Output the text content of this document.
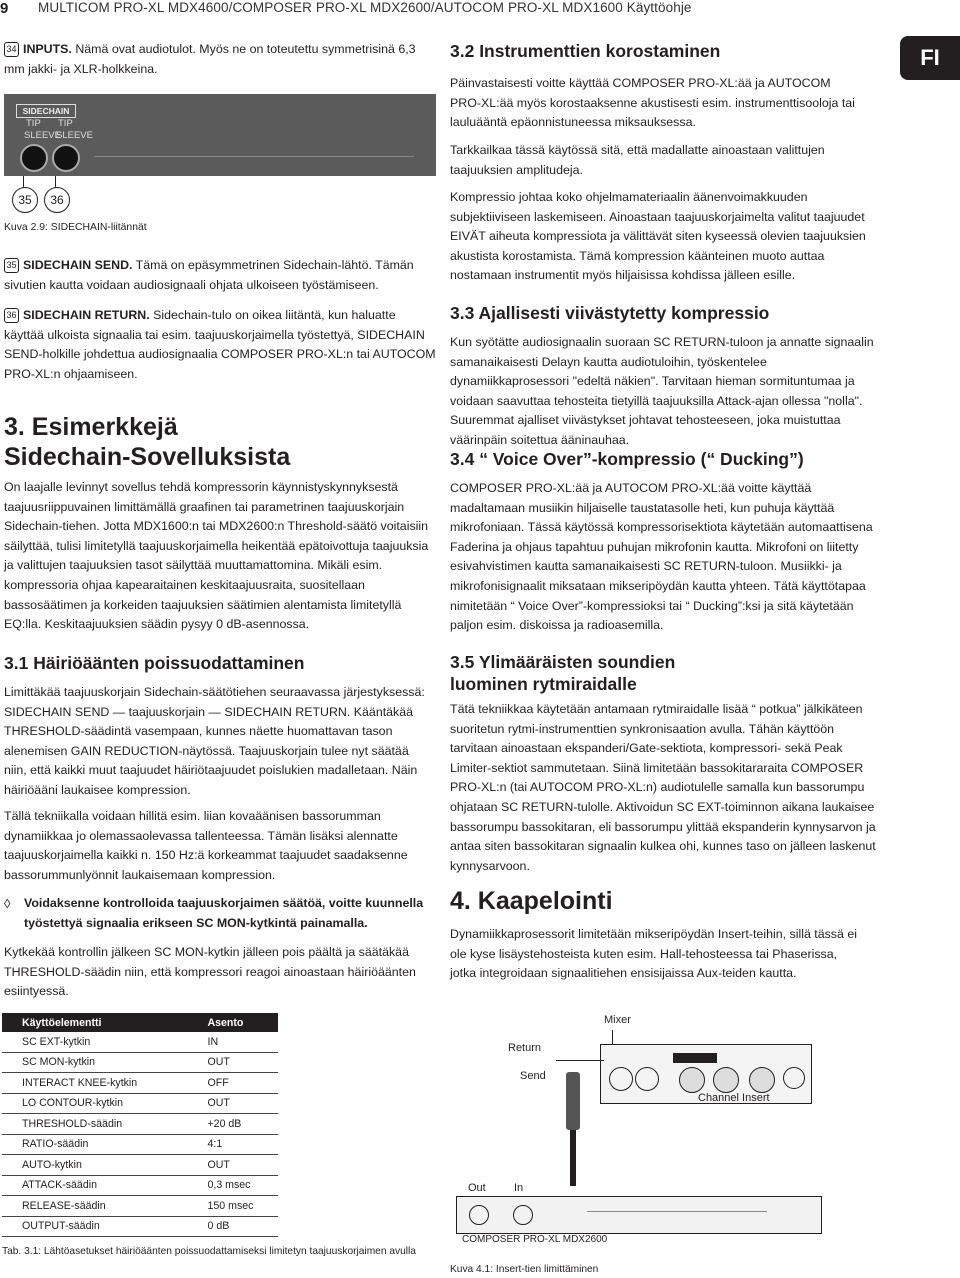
9 MULTICOM PRO-XL MDX4600/COMPOSER PRO-XL MDX2600/AUTOCOM PRO-XL MDX1600 Käyttöohje
FI
34 INPUTS. Nämä ovat audiotulot. Myös ne on toteutettu symmetrisinä 6,3 mm jakki- ja XLR-holkkeina.
SIDECHAIN
TIP TIP
SLEEVE
SLEEVE
35	36
Kuva 2.9: SIDECHAIN-liitännät
35 SIDECHAIN SEND. Tämä on epäsymmetrinen Sidechain-lähtö. Tämän sivutien kautta voidaan audiosignaali ohjata ulkoiseen työstämiseen.
36 SIDECHAIN RETURN. Sidechain-tulo on oikea liitäntä, kun haluatte käyttää ulkoista signaalia tai esim. taajuuskorjaimella työstettyä, SIDECHAIN SEND-holkille johdettua audiosignaalia COMPOSER PRO-XL:n tai AUTOCOM PRO-XL:n ohjaamiseen.
3. Esimerkkejä
Sidechain-Sovelluksista
On laajalle levinnyt sovellus tehdä kompressorin käynnistyskynnyksestä taajuusriippuvainen limittämällä graafinen tai parametrinen taajuuskorjain Sidechain-tiehen. Jotta MDX1600:n tai MDX2600:n Threshold-säätö voitaisiin säilyttää, tulisi limitetyllä taajuuskorjaimella heikentää epätoivottuja taajuuksia ja valittujen taajuuksien tasot säilyttää muuttamattomina. Mikäli esim. kompressoria ohjaa kapearaitainen keskitaajuusraita, suositellaan bassosäätimen ja korkeiden taajuuksien säätimien alentamista limitetyllä EQ:lla. Keskitaajuuksien säädin pysyy 0 dB-asennossa.
3.1 Häiriöäänten poissuodattaminen
Limittäkää taajuuskorjain Sidechain-säätötiehen seuraavassa järjestyksessä: SIDECHAIN SEND — taajuuskorjain — SIDECHAIN RETURN. Kääntäkää THRESHOLD-säädintä vasempaan, kunnes näette huomattavan tason alenemisen GAIN REDUCTION-näytössä. Taajuuskorjain tulee nyt säätää niin, että kaikki muut taajuudet häiriötaajuudet poislukien madalletaan. Näin häiriöääni laukaisee kompression.
Tällä tekniikalla voidaan hillitä esim. liian kovaäänisen bassorumman dynamiikkaa jo olemassaolevassa tallenteessa. Tämän lisäksi alennatte taajuuskorjaimella kaikki n. 150 Hz:ä korkeammat taajuudet saadaksenne bassorummunlyönnit laukaisemaan kompression.
◊ Voidaksenne kontrolloida taajuuskorjaimen säätöä, voitte kuunnella työstettyä signaalia erikseen SC MON-kytkintä painamalla.
Kytkekää kontrollin jälkeen SC MON-kytkin jälleen pois päältä ja säätäkää THRESHOLD-säädin niin, että kompressori reagoi ainoastaan häiriöäänten esiintyessä.
Käyttöelementti	Asento
SC EXT-kytkin	IN
SC MON-kytkin	OUT
INTERACT KNEE-kytkin	OFF
LO CONTOUR-kytkin	OUT
THRESHOLD-säädin	+20 dB
RATIO-säädin	4:1
AUTO-kytkin	OUT
ATTACK-säädin	0,3 msec
RELEASE-säädin	150 msec
OUTPUT-säädin	0 dB
Tab. 3.1: Lähtöasetukset häiriöäänten poissuodattamiseksi limitetyn taajuuskorjaimen avulla
3.2 Instrumenttien korostaminen
Päinvastaisesti voitte käyttää COMPOSER PRO-XL:ää ja AUTOCOM PRO-XL:ää myös korostaaksenne akustisesti esim. instrumenttisooloja tai lauluääntä epäonnistuneessa miksauksessa.
Tarkkailkaa tässä käytössä sitä, että madallatte ainoastaan valittujen taajuuksien amplitudeja.
Kompressio johtaa koko ohjelmamateriaalin äänenvoimakkuuden subjektiiviseen laskemiseen. Ainoastaan taajuuskorjaimelta valitut taajuudet EIVÄT aiheuta kompressiota ja välittävät siten kyseessä olevien taajuuksien akustista korostamista. Tämä kompression käänteinen muoto auttaa nostamaan instrumentit myös hiljaisissa kohdissa jälleen esille.
3.3 Ajallisesti viivästytetty kompressio
Kun syötätte audiosignaalin suoraan SC RETURN-tuloon ja annatte signaalin samanaikaisesti Delayn kautta audiotuloihin, työskentelee dynamiikkaprosessori "edeltä näkien". Tarvitaan hieman sormituntumaa ja voidaan saavuttaa tehosteita tietyillä taajuuksilla Attack-ajan ollessa "nolla". Suuremmat ajalliset viivästykset johtavat tehosteeseen, joka muistuttaa väärinpäin soitettua ääninauhaa.
3.4 “ Voice Over”-kompressio (“ Ducking”)
COMPOSER PRO-XL:ää ja AUTOCOM PRO-XL:ää voitte käyttää madaltamaan musiikin hiljaiselle taustatasolle heti, kun puhuja käyttää mikrofoniaan. Tässä käytössä kompressorisektiota käytetään automaattisena Faderina ja ohjaus tapahtuu puhujan mikrofonin kautta. Mikrofoni on liitetty esivahvistimen kautta samanaikaisesti SC RETURN-tuloon. Musiikki- ja mikrofonisignaalit miksataan mikseripöydän kautta yhteen. Tätä käyttötapaa nimitetään “ Voice Over”-kompressioksi tai “ Ducking”:ksi ja sitä käytetään paljon esim. diskoissa ja radioasemilla.
3.5 Ylimääräisten soundien
luominen rytmiraidalle
Tätä tekniikkaa käytetään antamaan rytmiraidalle lisää “ potkua” jälkikäteen suoritetun rytmi-instrumenttien synkronisaation avulla. Tähän käyttöön tarvitaan ainoastaan ekspanderi/Gate-sektiota, kompressori- sekä Peak Limiter-sektiot sammutetaan. Siinä limitetään bassokitararaita COMPOSER PRO-XL:n (tai AUTOCOM PRO-XL:n) audiotulelle samalla kun bassorumpu ohjataan SC RETURN-tulolle. Aktivoidun SC EXT-toiminnon aikana laukaisee bassorumpu bassokitaran, eli bassorumpu ylittää ekspanderin kynnysarvon ja antaa siten bassokitaran signaalin kulkea ohi, kunnes taso on jälleen laskenut kynnysarvoon.
4. Kaapelointi
Dynamiikkaprosessorit limitetään mikseripöydän Insert-teihin, sillä tässä ei ole kyse lisäystehosteista kuten esim. Hall-tehosteessa tai Phaserissa, jotka integroidaan signaalitiehen ensisijaissa Aux-teiden kautta.
Mixer
Return
Send
Channel Insert
Out	In
COMPOSER PRO-XL MDX2600
Kuva 4.1: Insert-tien limittäminen
